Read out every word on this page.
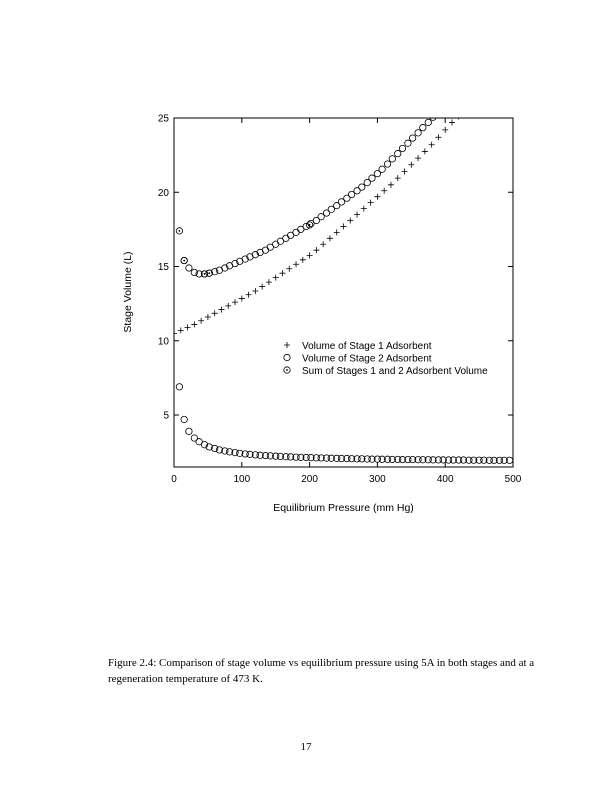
0	100	200	300	400	500
5
10
15
20
25
Equilibrium Pressure (mm Hg)
Stage Volume (L)
Volume of Stage 1 Adsorbent
Volume of Stage 2 Adsorbent
Sum of Stages 1 and 2 Adsorbent Volume
Figure 2.4: Comparison of stage volume vs equilibrium pressure using 5A in both stages and at a regeneration temperature of 473 K.
17
